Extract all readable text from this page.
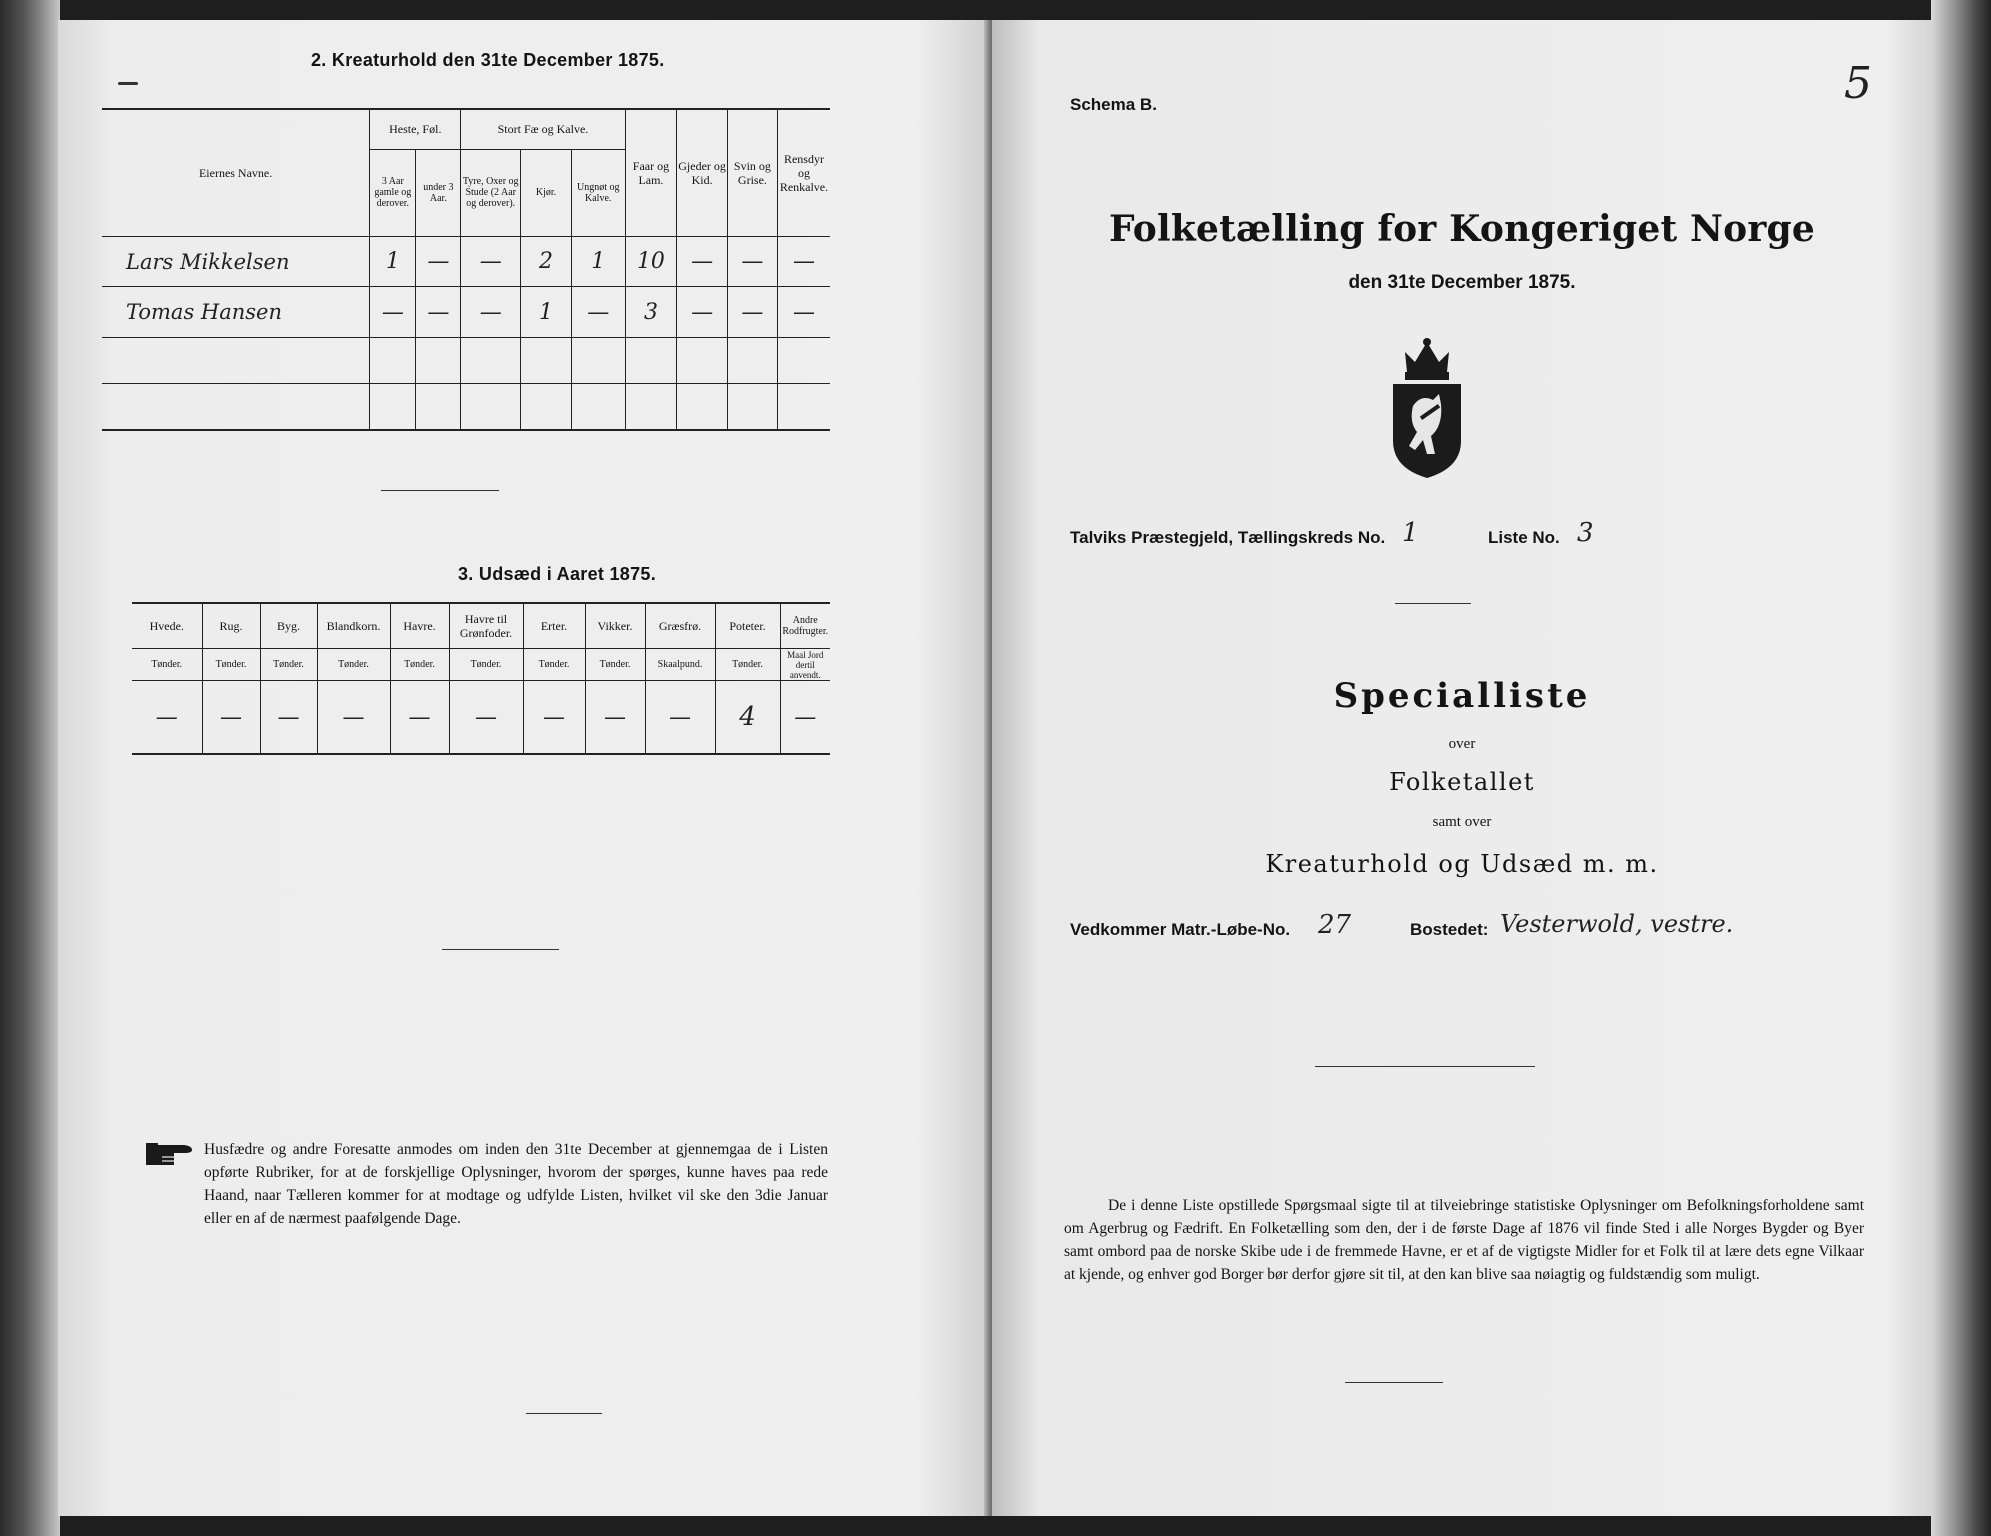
2. Kreaturhold den 31te December 1875.
Eiernes Navne.	Heste, Føl.		Stort Fæ og Kalve.			Faar og Lam.	Gjeder og Kid.	Svin og Grise.	Rensdyr og Renkalve.
	3 Aar gamle og derover.	under 3 Aar.	Tyre, Oxer og Stude (2 Aar og derover).	Kjør.	Ungnøt og Kalve.				
Lars Mikkelsen	1	—	—	2	1	10	—	—	—
Tomas Hansen	—	—	—	1	—	3	—	—	—

3. Udsæd i Aaret 1875.
Hvede.	Rug.	Byg.	Blandkorn.	Havre.	Havre til Grønfoder.	Erter.	Vikker.	Græsfrø.	Poteter.	Andre Rodfrugter.
Tønder.	Tønder.	Tønder.	Tønder.	Tønder.	Tønder.	Tønder.	Tønder.	Skaalpund.	Tønder.	Maal Jord dertil anvendt.
—	—	—	—	—	—	—	—	—	4	—
Husfædre og andre Foresatte anmodes om inden den 31te December at gjennemgaa de i Listen opførte Rubriker, for at de forskjellige Oplysninger, hvorom der spørges, kunne haves paa rede Haand, naar Tælleren kommer for at modtage og udfylde Listen, hvilket vil ske den 3die Januar eller en af de nærmest paafølgende Dage.
Schema B.	5
Folketælling for Kongeriget Norge
den 31te December 1875.
Talviks Præstegjeld, Tællingskreds No. 1	Liste No. 3
Specialliste
over
Folketallet
samt over
Kreaturhold og Udsæd m. m.
Vedkommer Matr.-Løbe-No. 27	Bostedet: Vesterwold, vestre.
De i denne Liste opstillede Spørgsmaal sigte til at tilveiebringe statistiske Oplysninger om Befolkningsforholdene samt om Agerbrug og Fædrift. En Folketælling som den, der i de første Dage af 1876 vil finde Sted i alle Norges Bygder og Byer samt ombord paa de norske Skibe ude i de fremmede Havne, er et af de vigtigste Midler for et Folk til at lære dets egne Vilkaar at kjende, og enhver god Borger bør derfor gjøre sit til, at den kan blive saa nøiagtig og fuldstændig som muligt.
